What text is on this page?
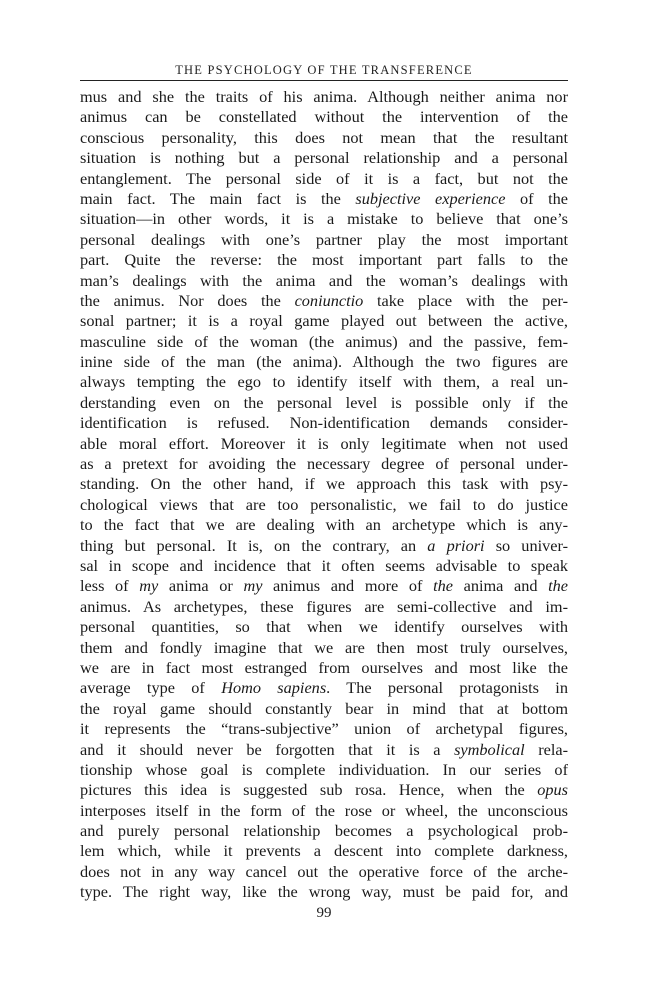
THE PSYCHOLOGY OF THE TRANSFERENCE
mus and she the traits of his anima. Although neither anima nor
animus can be constellated without the intervention of the
conscious personality, this does not mean that the resultant
situation is nothing but a personal relationship and a personal
entanglement. The personal side of it is a fact, but not the
main fact. The main fact is the subjective experience of the
situation—in other words, it is a mistake to believe that one’s
personal dealings with one’s partner play the most important
part. Quite the reverse: the most important part falls to the
man’s dealings with the anima and the woman’s dealings with
the animus. Nor does the coniunctio take place with the per-
sonal partner; it is a royal game played out between the active,
masculine side of the woman (the animus) and the passive, fem-
inine side of the man (the anima). Although the two figures are
always tempting the ego to identify itself with them, a real un-
derstanding even on the personal level is possible only if the
identification is refused. Non-identification demands consider-
able moral effort. Moreover it is only legitimate when not used
as a pretext for avoiding the necessary degree of personal under-
standing. On the other hand, if we approach this task with psy-
chological views that are too personalistic, we fail to do justice
to the fact that we are dealing with an archetype which is any-
thing but personal. It is, on the contrary, an a priori so univer-
sal in scope and incidence that it often seems advisable to speak
less of my anima or my animus and more of the anima and the
animus. As archetypes, these figures are semi-collective and im-
personal quantities, so that when we identify ourselves with
them and fondly imagine that we are then most truly ourselves,
we are in fact most estranged from ourselves and most like the
average type of Homo sapiens. The personal protagonists in
the royal game should constantly bear in mind that at bottom
it represents the “trans-subjective” union of archetypal figures,
and it should never be forgotten that it is a symbolical rela-
tionship whose goal is complete individuation. In our series of
pictures this idea is suggested sub rosa. Hence, when the opus
interposes itself in the form of the rose or wheel, the unconscious
and purely personal relationship becomes a psychological prob-
lem which, while it prevents a descent into complete darkness,
does not in any way cancel out the operative force of the arche-
type. The right way, like the wrong way, must be paid for, and
99
